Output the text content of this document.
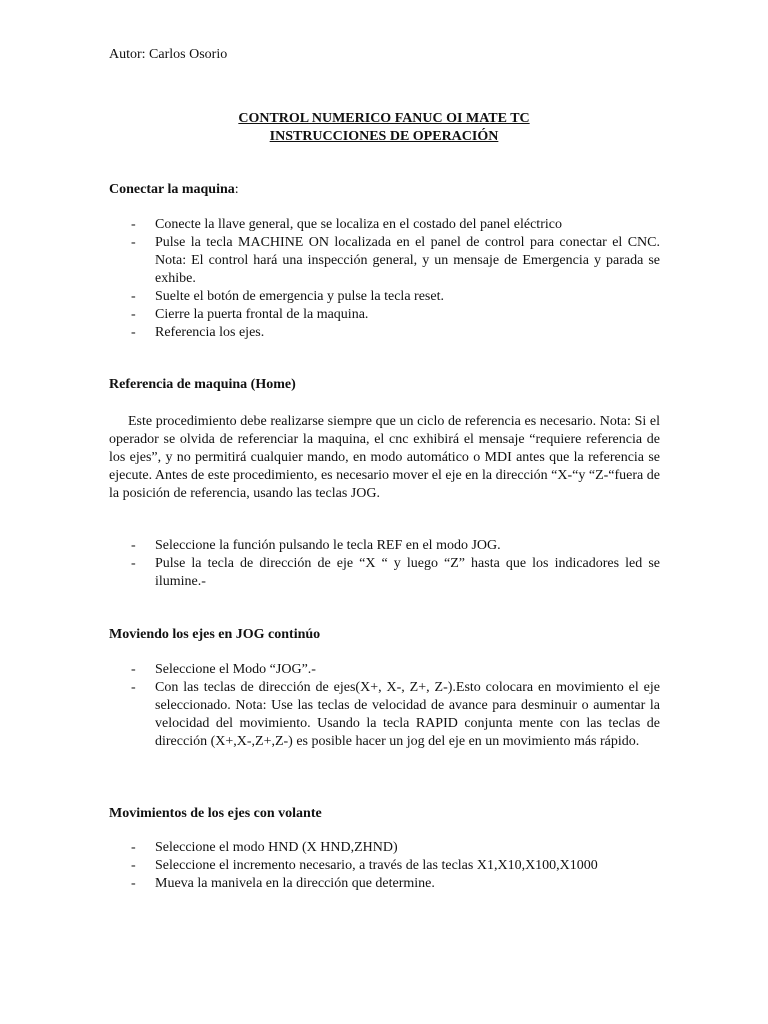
Autor: Carlos Osorio
CONTROL NUMERICO FANUC OI MATE TC
INSTRUCCIONES DE OPERACIÓN
Conectar la maquina:
- Conecte la llave general, que se localiza en el costado del panel eléctrico
- Pulse la tecla MACHINE ON localizada en el panel de control para conectar el CNC. Nota: El control hará una inspección general, y un mensaje de Emergencia y parada se exhibe.
- Suelte el botón de emergencia y pulse la tecla reset.
- Cierre la puerta frontal de la maquina.
- Referencia los ejes.
Referencia de maquina (Home)

Este procedimiento debe realizarse siempre que un ciclo de referencia es necesario. Nota: Si el operador se olvida de referenciar la maquina, el cnc exhibirá el mensaje “requiere referencia de los ejes”, y no permitirá cualquier mando, en modo automático o MDI antes que la referencia se ejecute. Antes de este procedimiento, es necesario mover el eje en la dirección “X-“y “Z-“fuera de la posición de referencia, usando las teclas JOG.

- Seleccione la función pulsando le tecla REF en el modo JOG.
- Pulse la tecla de dirección de eje “X “ y luego “Z” hasta que los indicadores led se ilumine.-
Moviendo los ejes en JOG continúo
- Seleccione el Modo “JOG”.-
- Con las teclas de dirección de ejes(X+, X-, Z+, Z-).Esto colocara en movimiento el eje seleccionado. Nota: Use las teclas de velocidad de avance para desminuir o aumentar la velocidad del movimiento. Usando la tecla RAPID conjunta mente con las teclas de dirección (X+,X-,Z+,Z-) es posible hacer un jog del eje en un movimiento más rápido.
Movimientos de los ejes con volante
- Seleccione el modo HND (X HND,ZHND)
- Seleccione el incremento necesario, a través de las teclas X1,X10,X100,X1000
- Mueva la manivela en la dirección que determine.
